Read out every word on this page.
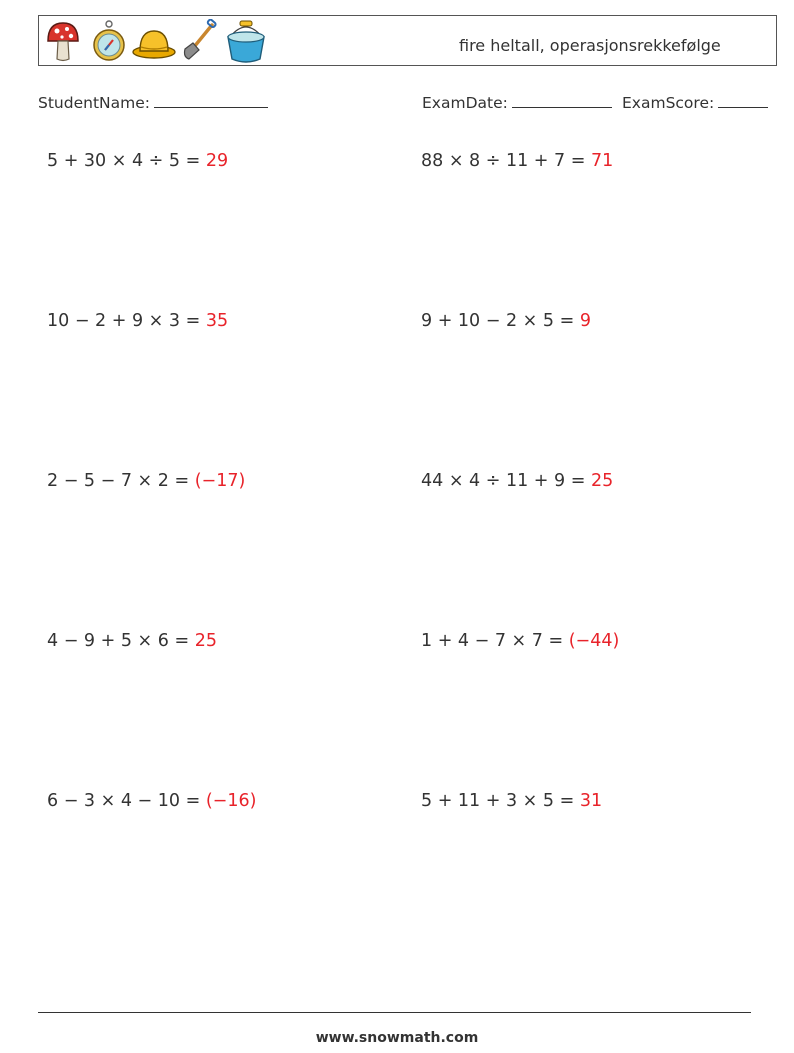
fire heltall, operasjonsrekkefølge
StudentName:	ExamDate:	ExamScore:
5 + 30 × 4 ÷ 5 = 29	88 × 8 ÷ 11 + 7 = 71
10 − 2 + 9 × 3 = 35	9 + 10 − 2 × 5 = 9
2 − 5 − 7 × 2 = (−17)	44 × 4 ÷ 11 + 9 = 25
4 − 9 + 5 × 6 = 25	1 + 4 − 7 × 7 = (−44)
6 − 3 × 4 − 10 = (−16)	5 + 11 + 3 × 5 = 31
www.snowmath.com
